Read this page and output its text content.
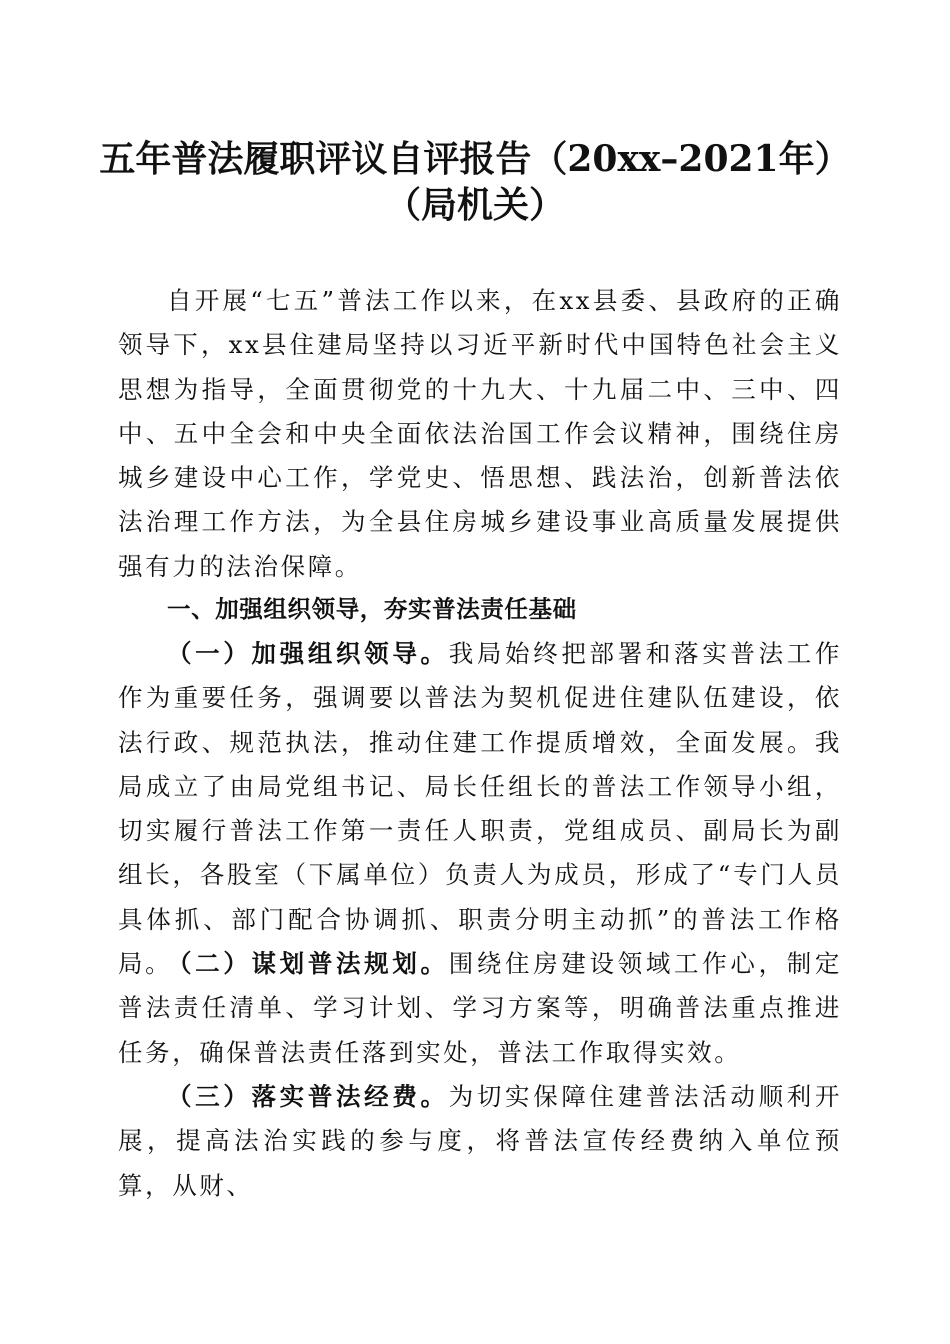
五年普法履职评议自评报告（20xx–2021年）
（局机关）

自开展“七五”普法工作以来，在xx县委、县政府的正确领导下，xx县住建局坚持以习近平新时代中国特色社会主义思想为指导，全面贯彻党的十九大、十九届二中、三中、四中、五中全会和中央全面依法治国工作会议精神，围绕住房城乡建设中心工作，学党史、悟思想、践法治，创新普法依法治理工作方法，为全县住房城乡建设事业高质量发展提供强有力的法治保障。

一、加强组织领导，夯实普法责任基础

（一）加强组织领导。我局始终把部署和落实普法工作作为重要任务，强调要以普法为契机促进住建队伍建设，依法行政、规范执法，推动住建工作提质增效，全面发展。我局成立了由局党组书记、局长任组长的普法工作领导小组，切实履行普法工作第一责任人职责，党组成员、副局长为副组长，各股室（下属单位）负责人为成员，形成了“专门人员具体抓、部门配合协调抓、职责分明主动抓”的普法工作格局。

（二）谋划普法规划。围绕住房建设领域工作心，制定普法责任清单、学习计划、学习方案等，明确普法重点推进任务，确保普法责任落到实处，普法工作取得实效。

（三）落实普法经费。为切实保障住建普法活动顺利开展，提高法治实践的参与度，将普法宣传经费纳入单位预算，从财、
